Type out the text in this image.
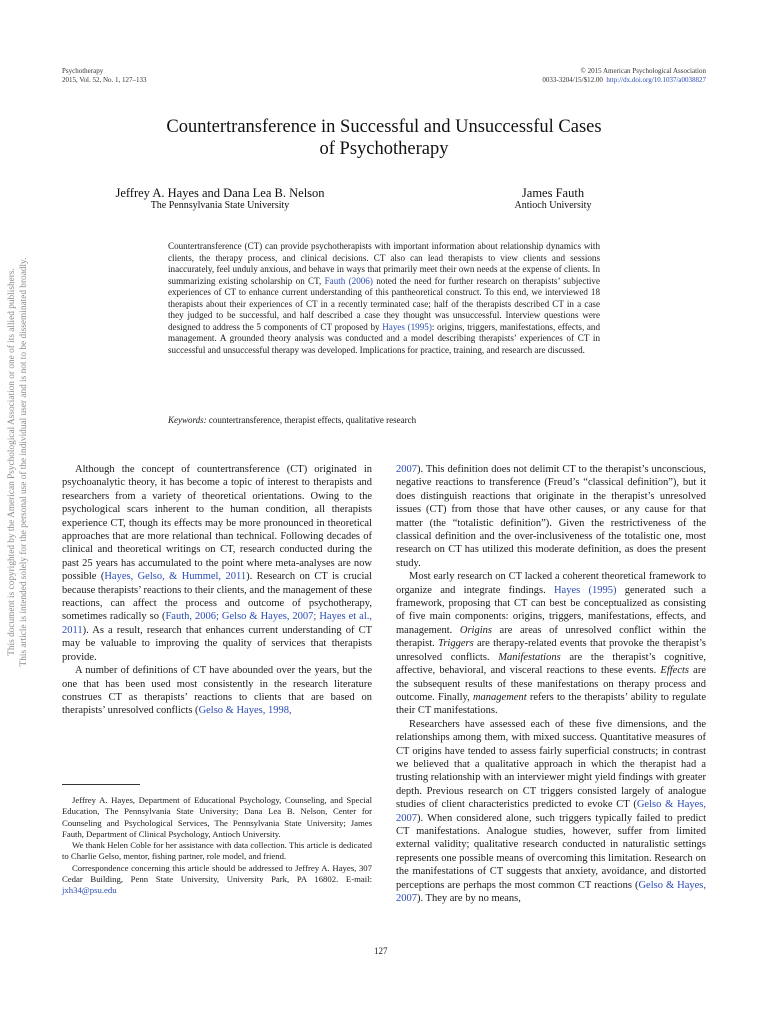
Psychotherapy
2015, Vol. 52, No. 1, 127–133
© 2015 American Psychological Association
0033-3204/15/$12.00 http://dx.doi.org/10.1037/a0038827
Countertransference in Successful and Unsuccessful Cases
of Psychotherapy
Jeffrey A. Hayes and Dana Lea B. Nelson
The Pennsylvania State University
James Fauth
Antioch University
Countertransference (CT) can provide psychotherapists with important information about relationship dynamics with clients, the therapy process, and clinical decisions. CT also can lead therapists to view clients and sessions inaccurately, feel unduly anxious, and behave in ways that primarily meet their own needs at the expense of clients. In summarizing existing scholarship on CT, Fauth (2006) noted the need for further research on therapists’ subjective experiences of CT to enhance current understanding of this pantheoretical construct. To this end, we interviewed 18 therapists about their experiences of CT in a recently terminated case; half of the therapists described CT in a case they judged to be successful, and half described a case they thought was unsuccessful. Interview questions were designed to address the 5 components of CT proposed by Hayes (1995): origins, triggers, manifestations, effects, and management. A grounded theory analysis was conducted and a model describing therapists’ experiences of CT in successful and unsuccessful therapy was developed. Implications for practice, training, and research are discussed.
Keywords: countertransference, therapist effects, qualitative research

Although the concept of countertransference (CT) originated in psychoanalytic theory, it has become a topic of interest to therapists and researchers from a variety of theoretical orientations. Owing to the psychological scars inherent to the human condition, all therapists experience CT, though its effects may be more pronounced in theoretical approaches that are more relational than technical. Following decades of clinical and theoretical writings on CT, research conducted during the past 25 years has accumulated to the point where meta-analyses are now possible (Hayes, Gelso, & Hummel, 2011). Research on CT is crucial because therapists’ reactions to their clients, and the management of these reactions, can affect the process and outcome of psychotherapy, sometimes radically so (Fauth, 2006; Gelso & Hayes, 2007; Hayes et al., 2011). As a result, research that enhances current understanding of CT may be valuable to improving the quality of services that therapists provide.

A number of definitions of CT have abounded over the years, but the one that has been used most consistently in the research literature construes CT as therapists’ reactions to clients that are based on therapists’ unresolved conflicts (Gelso & Hayes, 1998,

Jeffrey A. Hayes, Department of Educational Psychology, Counseling, and Special Education, The Pennsylvania State University; Dana Lea B. Nelson, Center for Counseling and Psychological Services, The Pennsylvania State University; James Fauth, Department of Clinical Psychology, Antioch University.

We thank Helen Coble for her assistance with data collection. This article is dedicated to Charlie Gelso, mentor, fishing partner, role model, and friend.

Correspondence concerning this article should be addressed to Jeffrey A. Hayes, 307 Cedar Building, Penn State University, University Park, PA 16802. E-mail: jxh34@psu.edu

2007). This definition does not delimit CT to the therapist’s unconscious, negative reactions to transference (Freud’s “classical definition”), but it does distinguish reactions that originate in the therapist’s unresolved issues (CT) from those that have other causes, or any cause for that matter (the “totalistic definition”). Given the restrictiveness of the classical definition and the over-inclusiveness of the totalistic one, most research on CT has utilized this moderate definition, as does the present study.

Most early research on CT lacked a coherent theoretical framework to organize and integrate findings. Hayes (1995) generated such a framework, proposing that CT can best be conceptualized as consisting of five main components: origins, triggers, manifestations, effects, and management. Origins are areas of unresolved conflict within the therapist. Triggers are therapy-related events that provoke the therapist’s unresolved conflicts. Manifestations are the therapist’s cognitive, affective, behavioral, and visceral reactions to these events. Effects are the subsequent results of these manifestations on therapy process and outcome. Finally, management refers to the therapists’ ability to regulate their CT manifestations.

Researchers have assessed each of these five dimensions, and the relationships among them, with mixed success. Quantitative measures of CT origins have tended to assess fairly superficial constructs; in contrast we believed that a qualitative approach in which the therapist had a trusting relationship with an interviewer might yield findings with greater depth. Previous research on CT triggers consisted largely of analogue studies of client characteristics predicted to evoke CT (Gelso & Hayes, 2007). When considered alone, such triggers typically failed to predict CT manifestations. Analogue studies, however, suffer from limited external validity; qualitative research conducted in naturalistic settings represents one possible means of overcoming this limitation. Research on the manifestations of CT suggests that anxiety, avoidance, and distorted perceptions are perhaps the most common CT reactions (Gelso & Hayes, 2007). They are by no means,

127
This document is copyrighted by the American Psychological Association or one of its allied publishers. This article is intended solely for the personal use of the individual user and is not to be disseminated broadly.
